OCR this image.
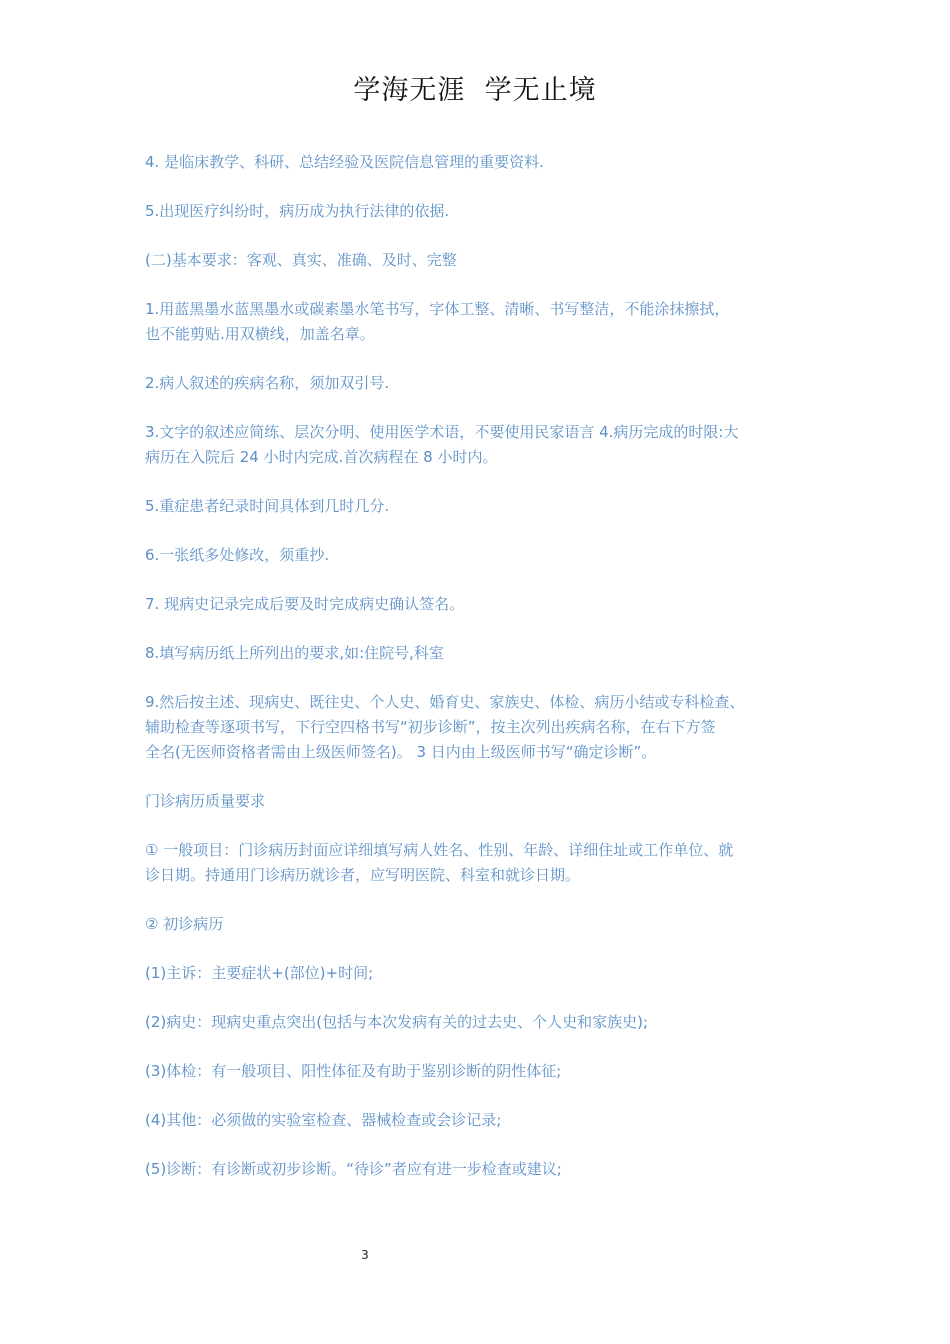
学海无涯  学无止境

4. 是临床教学、科研、总结经验及医院信息管理的重要资料.

5.出现医疗纠纷时，病历成为执行法律的依据.

(二)基本要求：客观、真实、准确、及时、完整

1.用蓝黑墨水蓝黑墨水或碳素墨水笔书写，字体工整、清晰、书写整洁，不能涂抹擦拭，
也不能剪贴.用双横线，加盖名章。

2.病人叙述的疾病名称，须加双引号.

3.文字的叙述应简练、层次分明、使用医学术语，不要使用民家语言 4.病历完成的时限:大
病历在入院后 24 小时内完成.首次病程在 8 小时内。

5.重症患者纪录时间具体到几时几分.

6.一张纸多处修改，须重抄.

7. 现病史记录完成后要及时完成病史确认签名。

8.填写病历纸上所列出的要求,如:住院号,科室

9.然后按主述、现病史、既往史、个人史、婚育史、家族史、体检、病历小结或专科检查、
辅助检查等逐项书写，下行空四格书写“初步诊断”，按主次列出疾病名称，在右下方签
全名(无医师资格者需由上级医师签名)。 3 日内由上级医师书写“确定诊断”。

门诊病历质量要求

① 一般项目：门诊病历封面应详细填写病人姓名、性别、年龄、详细住址或工作单位、就
诊日期。持通用门诊病历就诊者，应写明医院、科室和就诊日期。

② 初诊病历

(1)主诉：主要症状+(部位)+时间;

(2)病史：现病史重点突出(包括与本次发病有关的过去史、个人史和家族史);

(3)体检：有一般项目、阳性体征及有助于鉴别诊断的阴性体征;

(4)其他：必须做的实验室检查、器械检查或会诊记录;

(5)诊断：有诊断或初步诊断。“待诊”者应有进一步检查或建议;

3
